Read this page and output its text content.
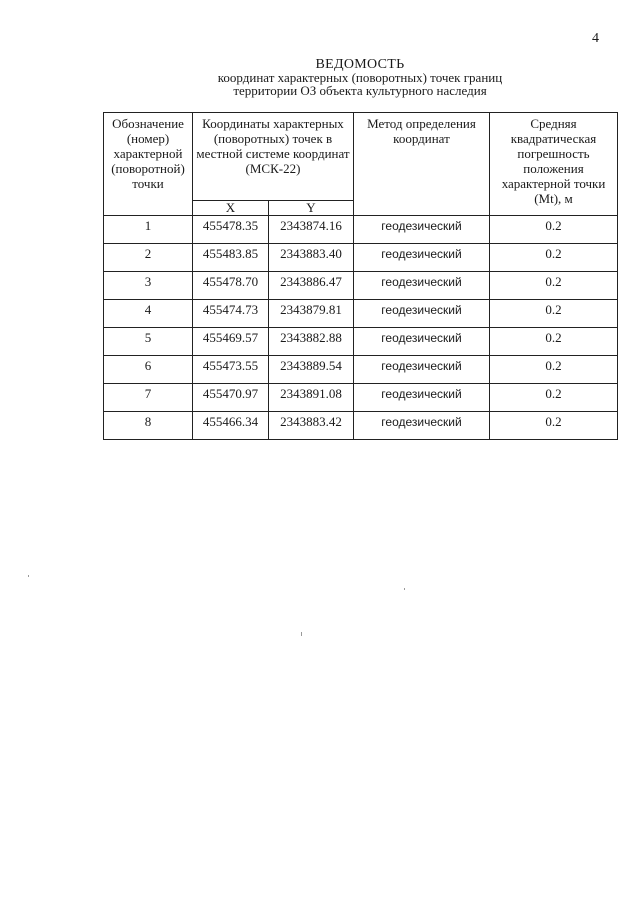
4
ВЕДОМОСТЬ
координат характерных (поворотных) точек границ
территории ОЗ объекта культурного наследия
Обозначение (номер) характерной (поворотной) точки	Координаты характерных (поворотных) точек в местной системе координат (МСК-22)		Метод определения координат	Средняя квадратическая погрешность положения характерной точки (Mt), м
	X	Y		
1	455478.35	2343874.16	геодезический	0.2
2	455483.85	2343883.40	геодезический	0.2
3	455478.70	2343886.47	геодезический	0.2
4	455474.73	2343879.81	геодезический	0.2
5	455469.57	2343882.88	геодезический	0.2
6	455473.55	2343889.54	геодезический	0.2
7	455470.97	2343891.08	геодезический	0.2
8	455466.34	2343883.42	геодезический	0.2
